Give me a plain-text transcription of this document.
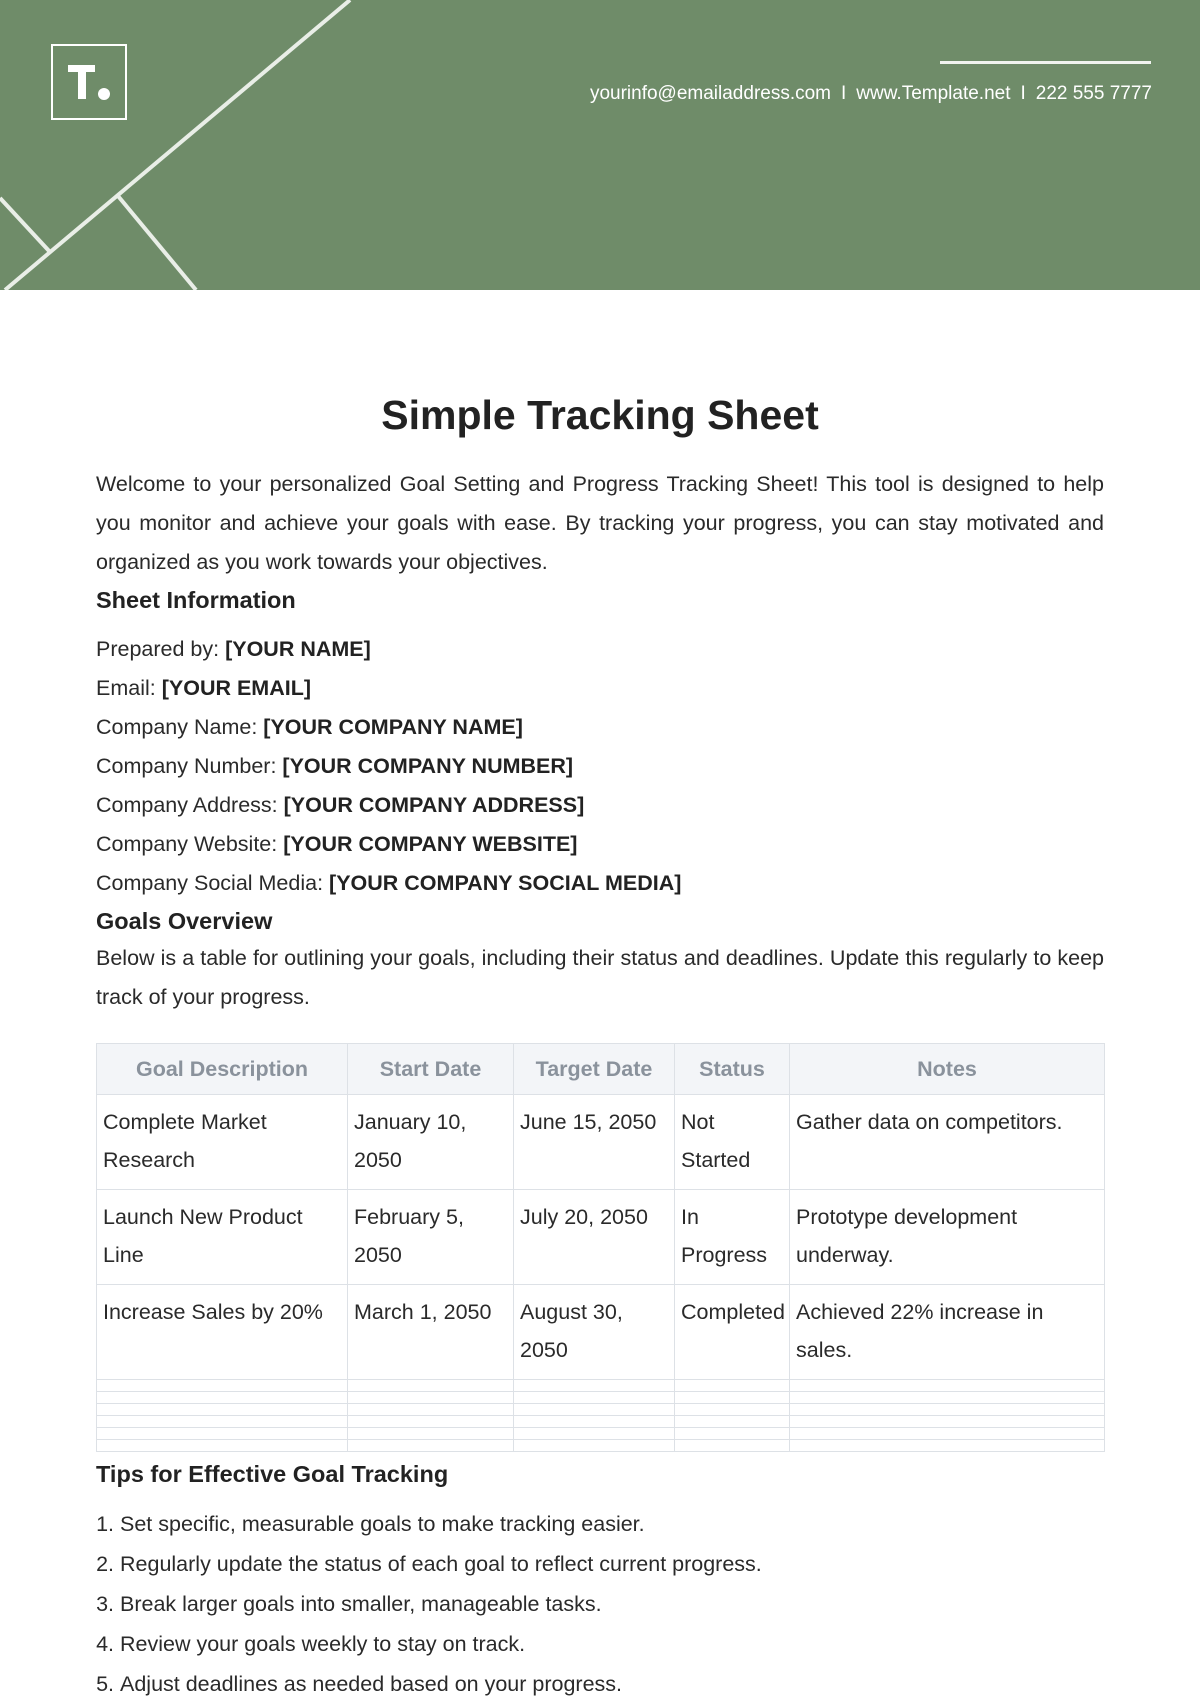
yourinfo@emailaddress.com I www.Template.net I 222 555 7777
Simple Tracking Sheet

Welcome to your personalized Goal Setting and Progress Tracking Sheet! This tool is designed to help you monitor and achieve your goals with ease. By tracking your progress, you can stay motivated and organized as you work towards your objectives.

Sheet Information
Prepared by: [YOUR NAME]
Email: [YOUR EMAIL]
Company Name: [YOUR COMPANY NAME]
Company Number: [YOUR COMPANY NUMBER]
Company Address: [YOUR COMPANY ADDRESS]
Company Website: [YOUR COMPANY WEBSITE]
Company Social Media: [YOUR COMPANY SOCIAL MEDIA]
Goals Overview

Below is a table for outlining your goals, including their status and deadlines. Update this regularly to keep track of your progress.

Goal Description	Start Date	Target Date	Status	Notes
Complete Market Research	January 10, 2050	June 15, 2050	Not Started	Gather data on competitors.
Launch New Product Line	February 5, 2050	July 20, 2050	In Progress	Prototype development underway.
Increase Sales by 20%	March 1, 2050	August 30, 2050	Completed	Achieved 22% increase in sales.

Tips for Effective Goal Tracking
1. Set specific, measurable goals to make tracking easier.
2. Regularly update the status of each goal to reflect current progress.
3. Break larger goals into smaller, manageable tasks.
4. Review your goals weekly to stay on track.
5. Adjust deadlines as needed based on your progress.
